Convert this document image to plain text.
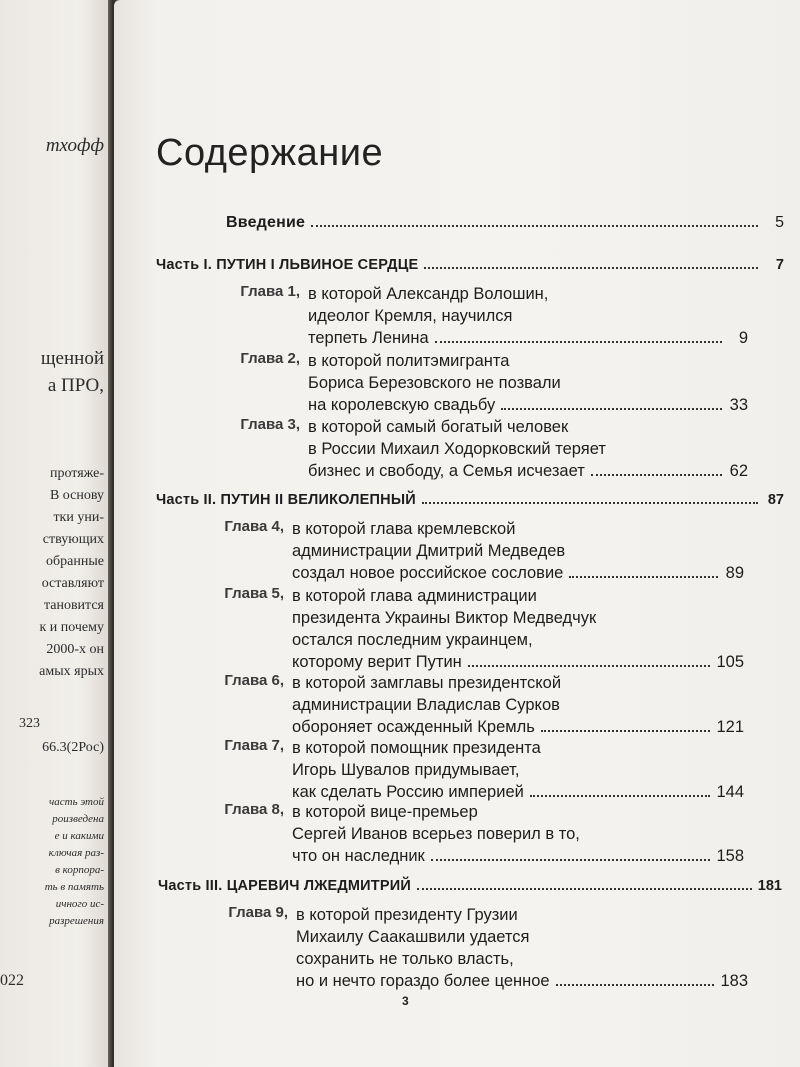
тхофф
щенной
а ПРО,
протяже-
В основу
тки уни-
ствующих
обранные
оставляют
тановится
к и почему
2000-х он
амых ярых
323
66.3(2Рос)
часть этой
роизведена
е и какими
ключая раз-
в корпора-
ть в память
ичного ис-
разрешения
022
Содержание
Введение	5
Часть I. ПУТИН I ЛЬВИНОЕ СЕРДЦЕ	7
Глава 1, в которой Александр Волошин,
идеолог Кремля, научился
терпеть Ленина	9
Глава 2, в которой политэмигранта
Бориса Березовского не позвали
на королевскую свадьбу	33
Глава 3, в которой самый богатый человек
в России Михаил Ходорковский теряет
бизнес и свободу, а Семья исчезает	62
Часть II. ПУТИН II ВЕЛИКОЛЕПНЫЙ	87
Глава 4, в которой глава кремлевской
администрации Дмитрий Медведев
создал новое российское сословие	89
Глава 5, в которой глава администрации
президента Украины Виктор Медведчук
остался последним украинцем,
которому верит Путин	105
Глава 6, в которой замглавы президентской
администрации Владислав Сурков
обороняет осажденный Кремль	121
Глава 7, в которой помощник президента
Игорь Шувалов придумывает,
как сделать Россию империей	144
Глава 8, в которой вице-премьер
Сергей Иванов всерьез поверил в то,
что он наследник	158
Часть III. ЦАРЕВИЧ ЛЖЕДМИТРИЙ	181
Глава 9, в которой президенту Грузии
Михаилу Саакашвили удается
сохранить не только власть,
но и нечто гораздо более ценное	183
3
